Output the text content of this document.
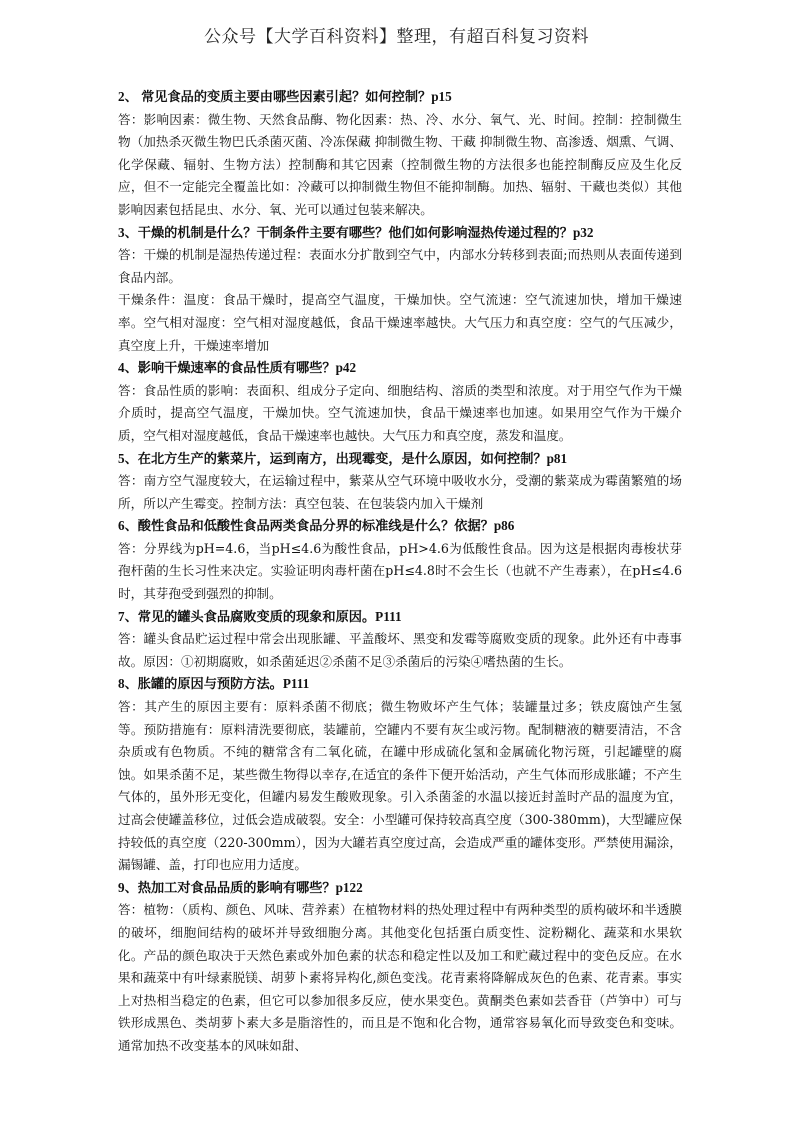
公众号【大学百科资料】整理，有超百科复习资料

2、 常见食品的变质主要由哪些因素引起？如何控制？p15

答：影响因素：微生物、天然食品酶、物化因素：热、冷、水分、氧气、光、时间。控制：控制微生物（加热杀灭微生物巴氏杀菌灭菌、冷冻保藏 抑制微生物、干藏 抑制微生物、高渗透、烟熏、气调、化学保藏、辐射、生物方法）控制酶和其它因素（控制微生物的方法很多也能控制酶反应及生化反应，但不一定能完全覆盖比如：冷藏可以抑制微生物但不能抑制酶。加热、辐射、干藏也类似）其他影响因素包括昆虫、水分、氧、光可以通过包装来解决。

3、干燥的机制是什么？干制条件主要有哪些？他们如何影响湿热传递过程的？p32

答：干燥的机制是湿热传递过程：表面水分扩散到空气中，内部水分转移到表面;而热则从表面传递到食品内部。

干燥条件：温度：食品干燥时，提高空气温度，干燥加快。空气流速：空气流速加快，增加干燥速率。空气相对湿度：空气相对湿度越低，食品干燥速率越快。大气压力和真空度：空气的气压减少，真空度上升，干燥速率增加

4、影响干燥速率的食品性质有哪些？p42

答：食品性质的影响：表面积、组成分子定向、细胞结构、溶质的类型和浓度。对于用空气作为干燥介质时，提高空气温度，干燥加快。空气流速加快，食品干燥速率也加速。如果用空气作为干燥介质，空气相对湿度越低，食品干燥速率也越快。大气压力和真空度，蒸发和温度。

5、在北方生产的紫菜片，运到南方，出现霉变，是什么原因，如何控制？p81

答：南方空气湿度较大，在运输过程中，紫菜从空气环境中吸收水分，受潮的紫菜成为霉菌繁殖的场所，所以产生霉变。控制方法：真空包装、在包装袋内加入干燥剂

6、酸性食品和低酸性食品两类食品分界的标准线是什么？依据？p86

答：分界线为pH=4.6，当pH≤4.6为酸性食品，pH>4.6为低酸性食品。因为这是根据肉毒梭状芽孢杆菌的生长习性来决定。实验证明肉毒杆菌在pH≤4.8时不会生长（也就不产生毒素），在pH≤4.6时，其芽孢受到强烈的抑制。

7、常见的罐头食品腐败变质的现象和原因。P111

答：罐头食品贮运过程中常会出现胀罐、平盖酸坏、黑变和发霉等腐败变质的现象。此外还有中毒事故。原因：①初期腐败，如杀菌延迟②杀菌不足③杀菌后的污染④嗜热菌的生长。

8、胀罐的原因与预防方法。P111

答：其产生的原因主要有：原料杀菌不彻底；微生物败坏产生气体；装罐量过多；铁皮腐蚀产生氢等。预防措施有：原料清洗要彻底，装罐前，空罐内不要有灰尘或污物。配制糖液的糖要清洁，不含杂质或有色物质。不纯的糖常含有二氧化硫，在罐中形成硫化氢和金属硫化物污斑，引起罐壁的腐蚀。如果杀菌不足，某些微生物得以幸存,在适宜的条件下便开始活动，产生气体而形成胀罐；不产生气体的，虽外形无变化，但罐内易发生酸败现象。引入杀菌釜的水温以接近封盖时产品的温度为宜，过高会使罐盖移位，过低会造成破裂。安全：小型罐可保持较高真空度（300-380mm)，大型罐应保持较低的真空度（220-300mm），因为大罐若真空度过高，会造成严重的罐体变形。严禁使用漏涂，漏锡罐、盖，打印也应用力适度。

9、热加工对食品品质的影响有哪些？p122

答：植物：（质构、颜色、风味、营养素）在植物材料的热处理过程中有两种类型的质构破坏和半透膜的破坏，细胞间结构的破坏并导致细胞分离。其他变化包括蛋白质变性、淀粉糊化、蔬菜和水果软化。产品的颜色取决于天然色素或外加色素的状态和稳定性以及加工和贮藏过程中的变色反应。在水果和蔬菜中有叶绿素脱镁、胡萝卜素将异构化,颜色变浅。花青素将降解成灰色的色素、花青素。事实上对热相当稳定的色素，但它可以参加很多反应，使水果变色。黄酮类色素如芸香苷（芦笋中）可与铁形成黑色、类胡萝卜素大多是脂溶性的，而且是不饱和化合物，通常容易氧化而导致变色和变味。通常加热不改变基本的风味如甜、
